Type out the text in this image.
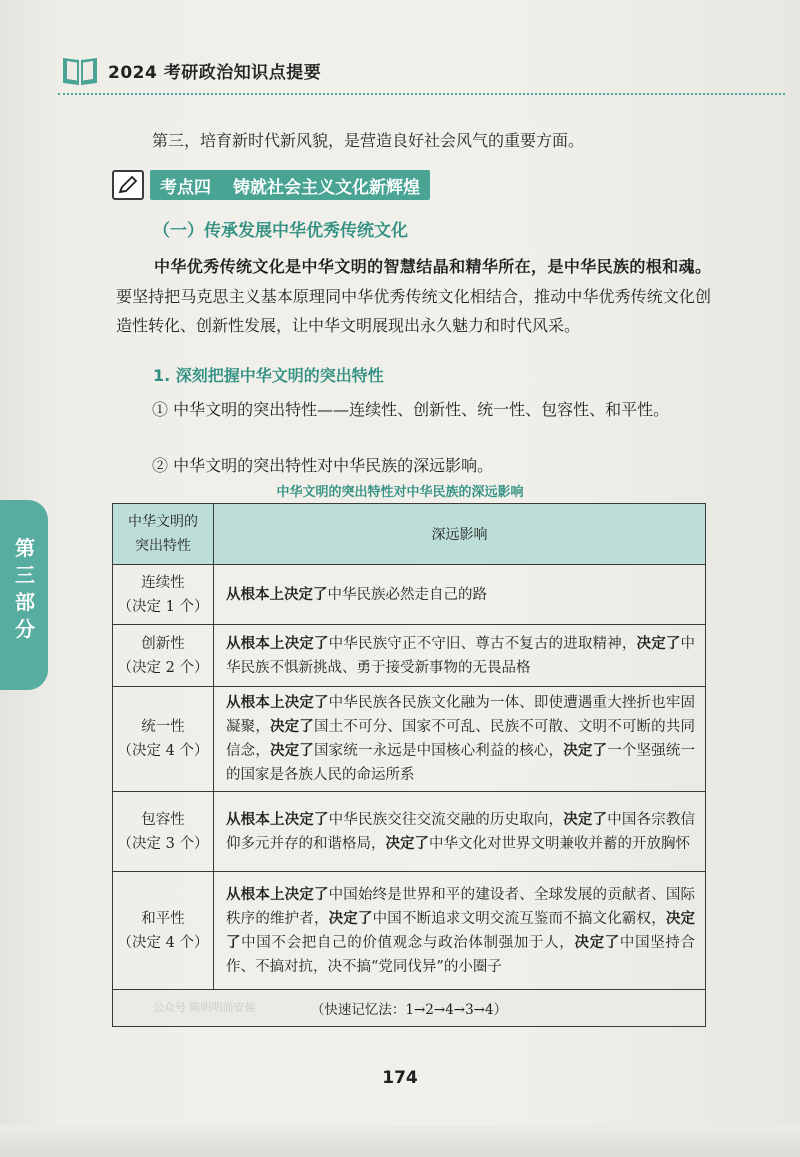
2024 考研政治知识点提要
第三，培育新时代新风貌，是营造良好社会风气的重要方面。
考点四 铸就社会主义文化新辉煌
（一）传承发展中华优秀传统文化
中华优秀传统文化是中华文明的智慧结晶和精华所在，是中华民族的根和魂。要坚持把马克思主义基本原理同中华优秀传统文化相结合，推动中华优秀传统文化创造性转化、创新性发展，让中华文明展现出永久魅力和时代风采。
1. 深刻把握中华文明的突出特性
① 中华文明的突出特性——连续性、创新性、统一性、包容性、和平性。
② 中华文明的突出特性对中华民族的深远影响。
中华文明的突出特性对中华民族的深远影响
第三部分
中华文明的
突出特性	深远影响

连续性
（决定 1 个）	从根本上决定了中华民族必然走自己的路

创新性
（决定 2 个）	从根本上决定了中华民族守正不守旧、尊古不复古的进取精神，决定了中华民族不惧新挑战、勇于接受新事物的无畏品格

统一性
（决定 4 个）	从根本上决定了中华民族各民族文化融为一体、即使遭遇重大挫折也牢固凝聚，决定了国土不可分、国家不可乱、民族不可散、文明不可断的共同信念，决定了国家统一永远是中国核心利益的核心，决定了一个坚强统一的国家是各族人民的命运所系

包容性
（决定 3 个）	从根本上决定了中华民族交往交流交融的历史取向，决定了中国各宗教信仰多元并存的和谐格局，决定了中华文化对世界文明兼收并蓄的开放胸怀

和平性
（决定 4 个）	从根本上决定了中国始终是世界和平的建设者、全球发展的贡献者、国际秩序的维护者，决定了中国不断追求文明交流互鉴而不搞文化霸权，决定了中国不会把自己的价值观念与政治体制强加于人，决定了中国坚持合作、不搞对抗，决不搞“党同伐异”的小圈子
（快速记忆法：1→2→4→3→4）	
公众号 陈明明面安候
174
